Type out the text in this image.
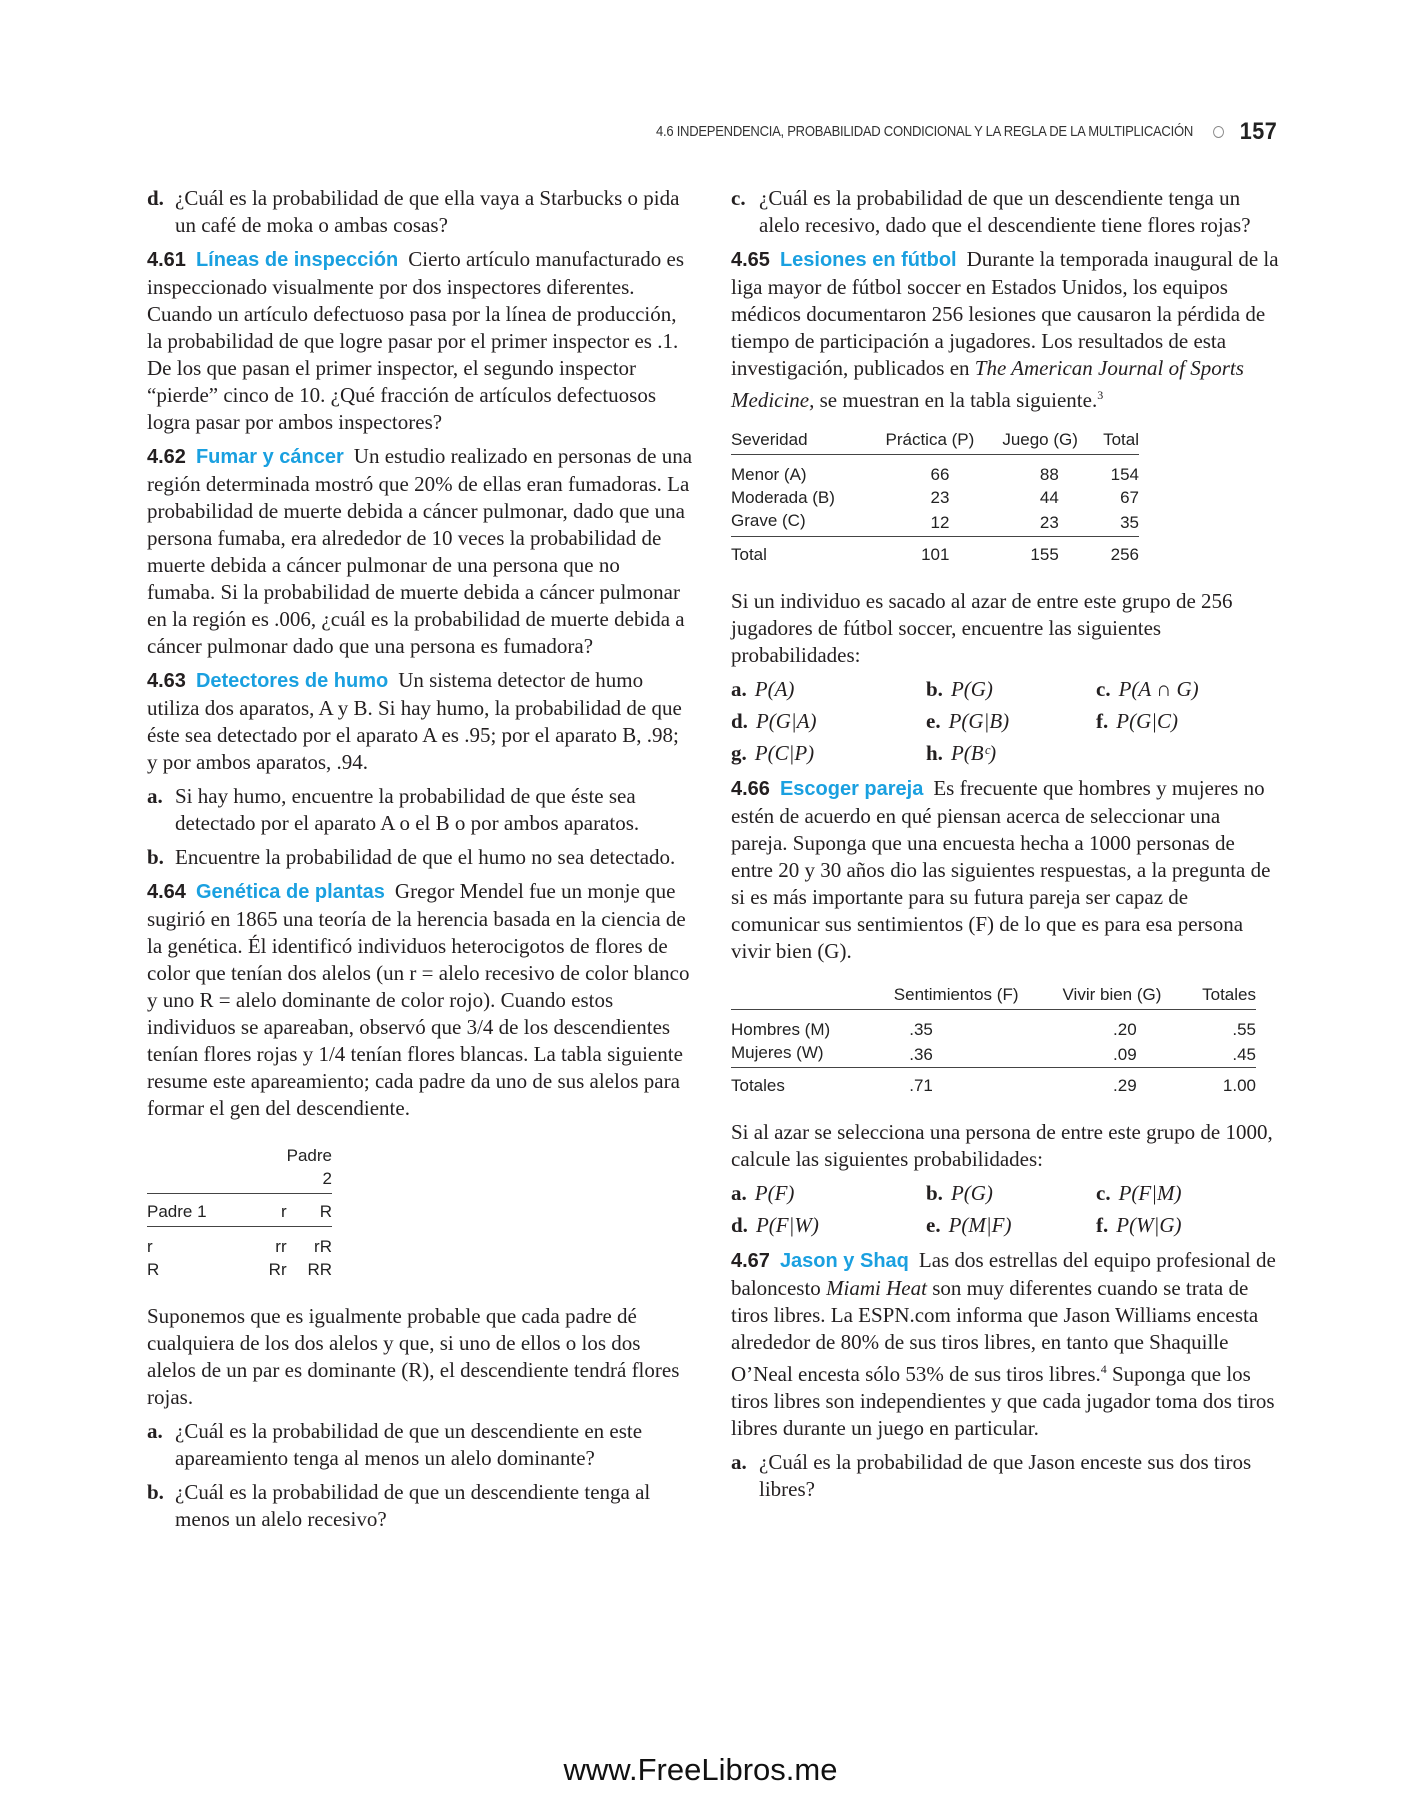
4.6 INDEPENDENCIA, PROBABILIDAD CONDICIONAL Y LA REGLA DE LA MULTIPLICACIÓN 157
d. ¿Cuál es la probabilidad de que ella vaya a Starbucks o pida un café de moka o ambas cosas?

4.61 Líneas de inspección Cierto artículo manufacturado es inspeccionado visualmente por dos inspectores diferentes. Cuando un artículo defectuoso pasa por la línea de producción, la probabilidad de que logre pasar por el primer inspector es .1. De los que pasan el primer inspector, el segundo inspector “pierde” cinco de 10. ¿Qué fracción de artículos defectuosos logra pasar por ambos inspectores?

4.62 Fumar y cáncer Un estudio realizado en personas de una región determinada mostró que 20% de ellas eran fumadoras. La probabilidad de muerte debida a cáncer pulmonar, dado que una persona fumaba, era alrededor de 10 veces la probabilidad de muerte debida a cáncer pulmonar de una persona que no fumaba. Si la probabilidad de muerte debida a cáncer pulmonar en la región es .006, ¿cuál es la probabilidad de muerte debida a cáncer pulmonar dado que una persona es fumadora?

4.63 Detectores de humo Un sistema detector de humo utiliza dos aparatos, A y B. Si hay humo, la probabilidad de que éste sea detectado por el aparato A es .95; por el aparato B, .98; y por ambos aparatos, .94.

a. Si hay humo, encuentre la probabilidad de que éste sea detectado por el aparato A o el B o por ambos aparatos.
b. Encuentre la probabilidad de que el humo no sea detectado.

4.64 Genética de plantas Gregor Mendel fue un monje que sugirió en 1865 una teoría de la herencia basada en la ciencia de la genética. Él identificó individuos heterocigotos de flores de color que tenían dos alelos (un r = alelo recesivo de color blanco y uno R = alelo dominante de color rojo). Cuando estos individuos se apareaban, observó que 3/4 de los descendientes tenían flores rojas y 1/4 tenían flores blancas. La tabla siguiente resume este apareamiento; cada padre da uno de sus alelos para formar el gen del descendiente.

		Padre 2
Padre 1	r	R
r	rr	rR
R	Rr	RR

Suponemos que es igualmente probable que cada padre dé cualquiera de los dos alelos y que, si uno de ellos o los dos alelos de un par es dominante (R), el descendiente tendrá flores rojas.

a. ¿Cuál es la probabilidad de que un descendiente en este apareamiento tenga al menos un alelo dominante?
b. ¿Cuál es la probabilidad de que un descendiente tenga al menos un alelo recesivo?
c. ¿Cuál es la probabilidad de que un descendiente tenga un alelo recesivo, dado que el descendiente tiene flores rojas?

4.65 Lesiones en fútbol Durante la temporada inaugural de la liga mayor de fútbol soccer en Estados Unidos, los equipos médicos documentaron 256 lesiones que causaron la pérdida de tiempo de participación a jugadores. Los resultados de esta investigación, publicados en The American Journal of Sports Medicine, se muestran en la tabla siguiente.$^3$

Severidad	Práctica (P)	Juego (G)	Total
Menor (A)	66	88	154
Moderada (B)	23	44	67
Grave (C)	12	23	35
Total	101	155	256

Si un individuo es sacado al azar de entre este grupo de 256 jugadores de fútbol soccer, encuentre las siguientes probabilidades:

a. P(A)	b. P(G)	c. P(A ∩ G)
d. P(G|A)	e. P(G|B)	f. P(G|C)
g. P(C|P)	h. P(Bᶜ)

4.66 Escoger pareja Es frecuente que hombres y mujeres no estén de acuerdo en qué piensan acerca de seleccionar una pareja. Suponga que una encuesta hecha a 1000 personas de entre 20 y 30 años dio las siguientes respuestas, a la pregunta de si es más importante para su futura pareja ser capaz de comunicar sus sentimientos (F) de lo que es para esa persona vivir bien (G).

	Sentimientos (F)	Vivir bien (G)	Totales
Hombres (M)	.35	.20	.55
Mujeres (W)	.36	.09	.45
Totales	.71	.29	1.00

Si al azar se selecciona una persona de entre este grupo de 1000, calcule las siguientes probabilidades:

a. P(F)	b. P(G)	c. P(F|M)
d. P(F|W)	e. P(M|F)	f. P(W|G)

4.67 Jason y Shaq Las dos estrellas del equipo profesional de baloncesto Miami Heat son muy diferentes cuando se trata de tiros libres. La ESPN.com informa que Jason Williams encesta alrededor de 80% de sus tiros libres, en tanto que Shaquille O’Neal encesta sólo 53% de sus tiros libres.$^4$ Suponga que los tiros libres son independientes y que cada jugador toma dos tiros libres durante un juego en particular.

a. ¿Cuál es la probabilidad de que Jason enceste sus dos tiros libres?
www.FreeLibros.me
